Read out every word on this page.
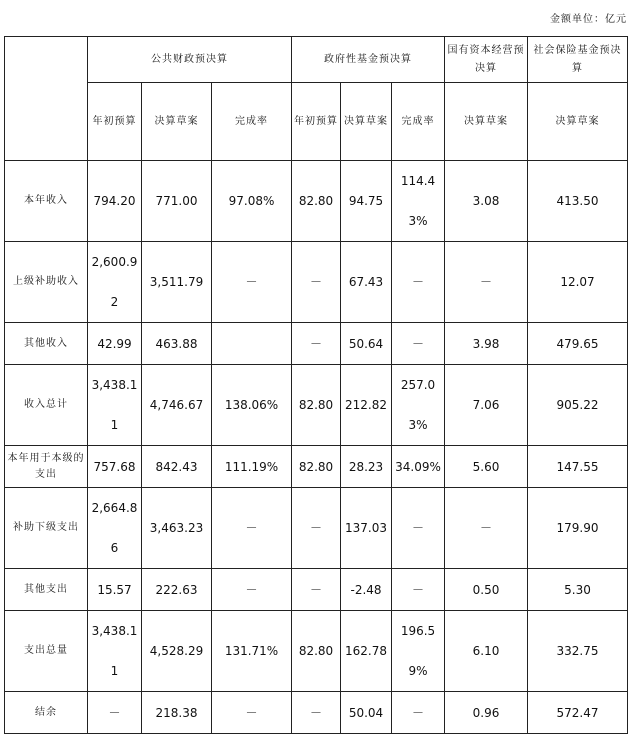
金额单位：亿元
	公共财政预决算			政府性基金预决算			国有资本经营预决算	社会保险基金预决算
	年初预算	决算草案	完成率	年初预算	决算草案	完成率	决算草案	决算草案
本年收入	794.20	771.00	97.08%	82.80	94.75	114.43%	3.08	413.50
上级补助收入	2,600.92	3,511.79	－	－	67.43	－	－	12.07
其他收入	42.99	463.88		－	50.64	－	3.98	479.65
收入总计	3,438.11	4,746.67	138.06%	82.80	212.82	257.03%	7.06	905.22
本年用于本级的支出	757.68	842.43	111.19%	82.80	28.23	34.09%	5.60	147.55
补助下级支出	2,664.86	3,463.23	－	－	137.03	－	－	179.90
其他支出	15.57	222.63	－	－	-2.48	－	0.50	5.30
支出总量	3,438.11	4,528.29	131.71%	82.80	162.78	196.59%	6.10	332.75
结余	－	218.38	－	－	50.04	－	0.96	572.47
